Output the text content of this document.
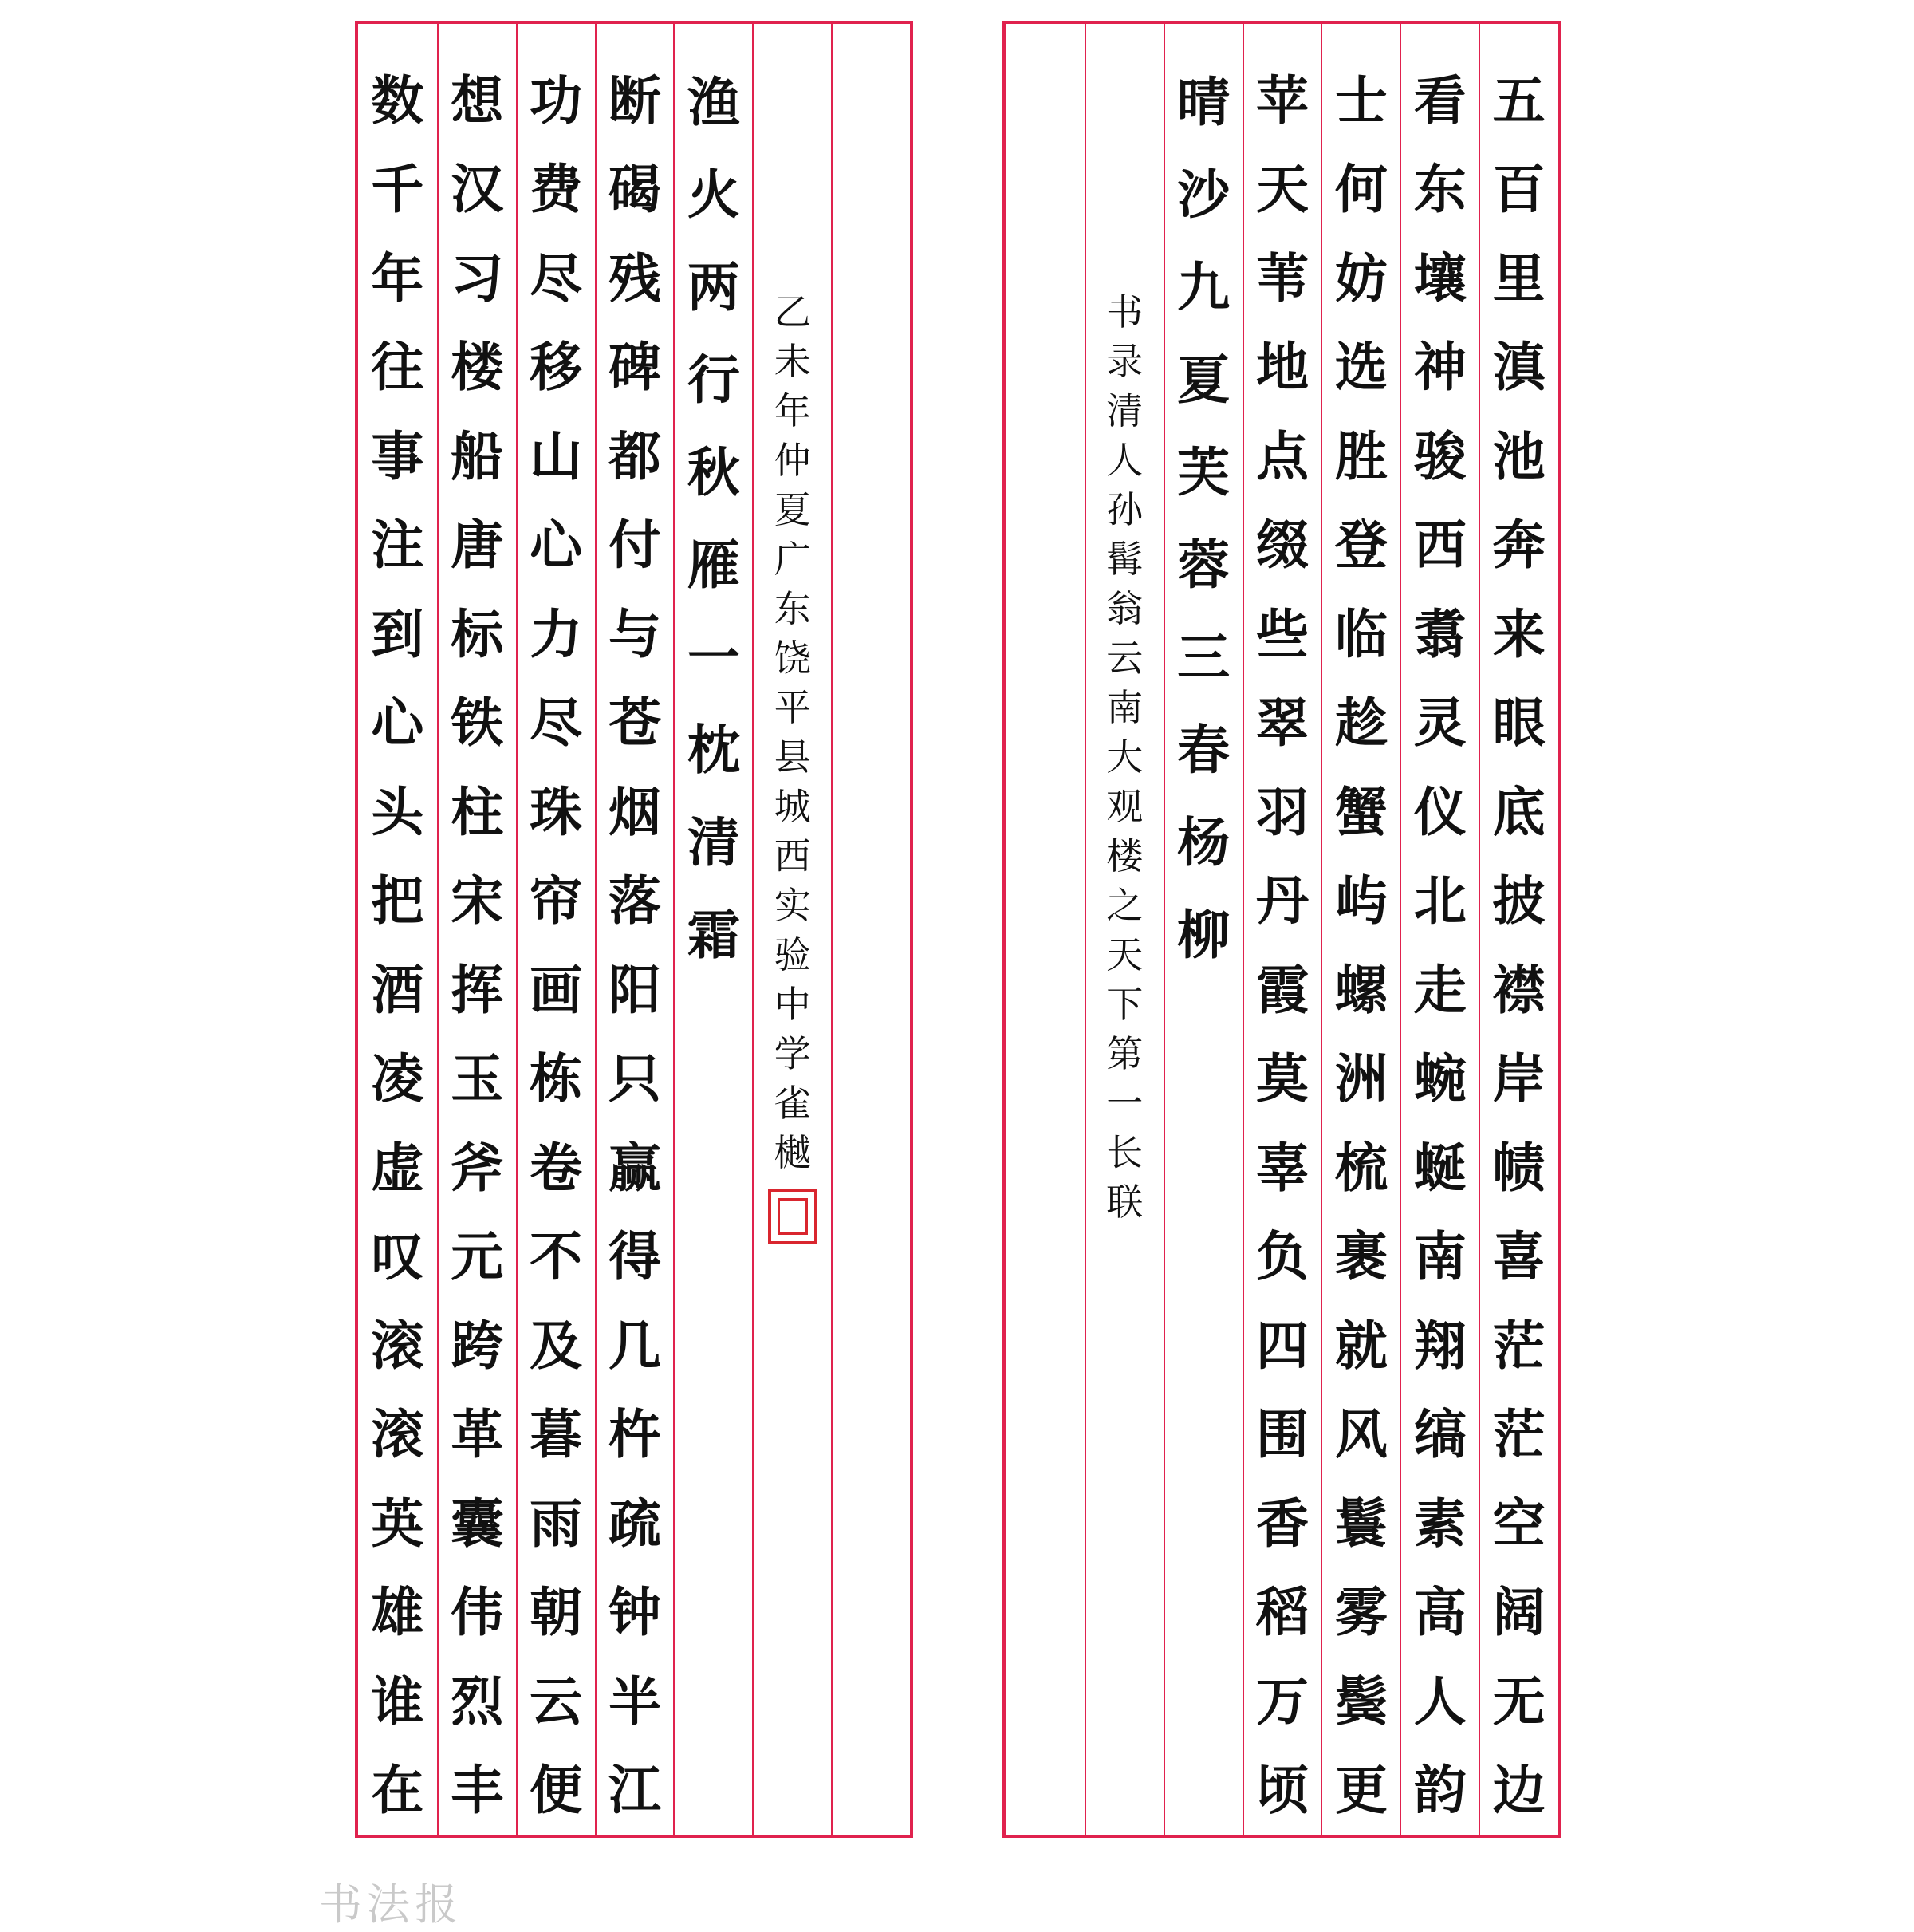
乙
未
年
仲
夏
广
东
饶
平
县
城
西
实
验
中
学
雀
樾
渔
火
两
行
秋
雁
一
枕
清
霜
断
碣
残
碑
都
付
与
苍
烟
落
阳
只
赢
得
几
杵
疏
钟
半
江
功
费
尽
移
山
心
力
尽
珠
帘
画
栋
卷
不
及
暮
雨
朝
云
便
想
汉
习
楼
船
唐
标
铁
柱
宋
挥
玉
斧
元
跨
革
囊
伟
烈
丰
数
千
年
往
事
注
到
心
头
把
酒
凌
虚
叹
滚
滚
英
雄
谁
在
五
百
里
滇
池
奔
来
眼
底
披
襟
岸
帻
喜
茫
茫
空
阔
无
边
看
东
壤
神
骏
西
翥
灵
仪
北
走
蜿
蜒
南
翔
缟
素
高
人
韵
士
何
妨
选
胜
登
临
趁
蟹
屿
螺
洲
梳
裹
就
风
鬟
雾
鬓
更
苹
天
苇
地
点
缀
些
翠
羽
丹
霞
莫
辜
负
四
围
香
稻
万
顷
晴
沙
九
夏
芙
蓉
三
春
杨
柳
书
录
清
人
孙
髯
翁
云
南
大
观
楼
之
天
下
第
一
长
联
书法报
